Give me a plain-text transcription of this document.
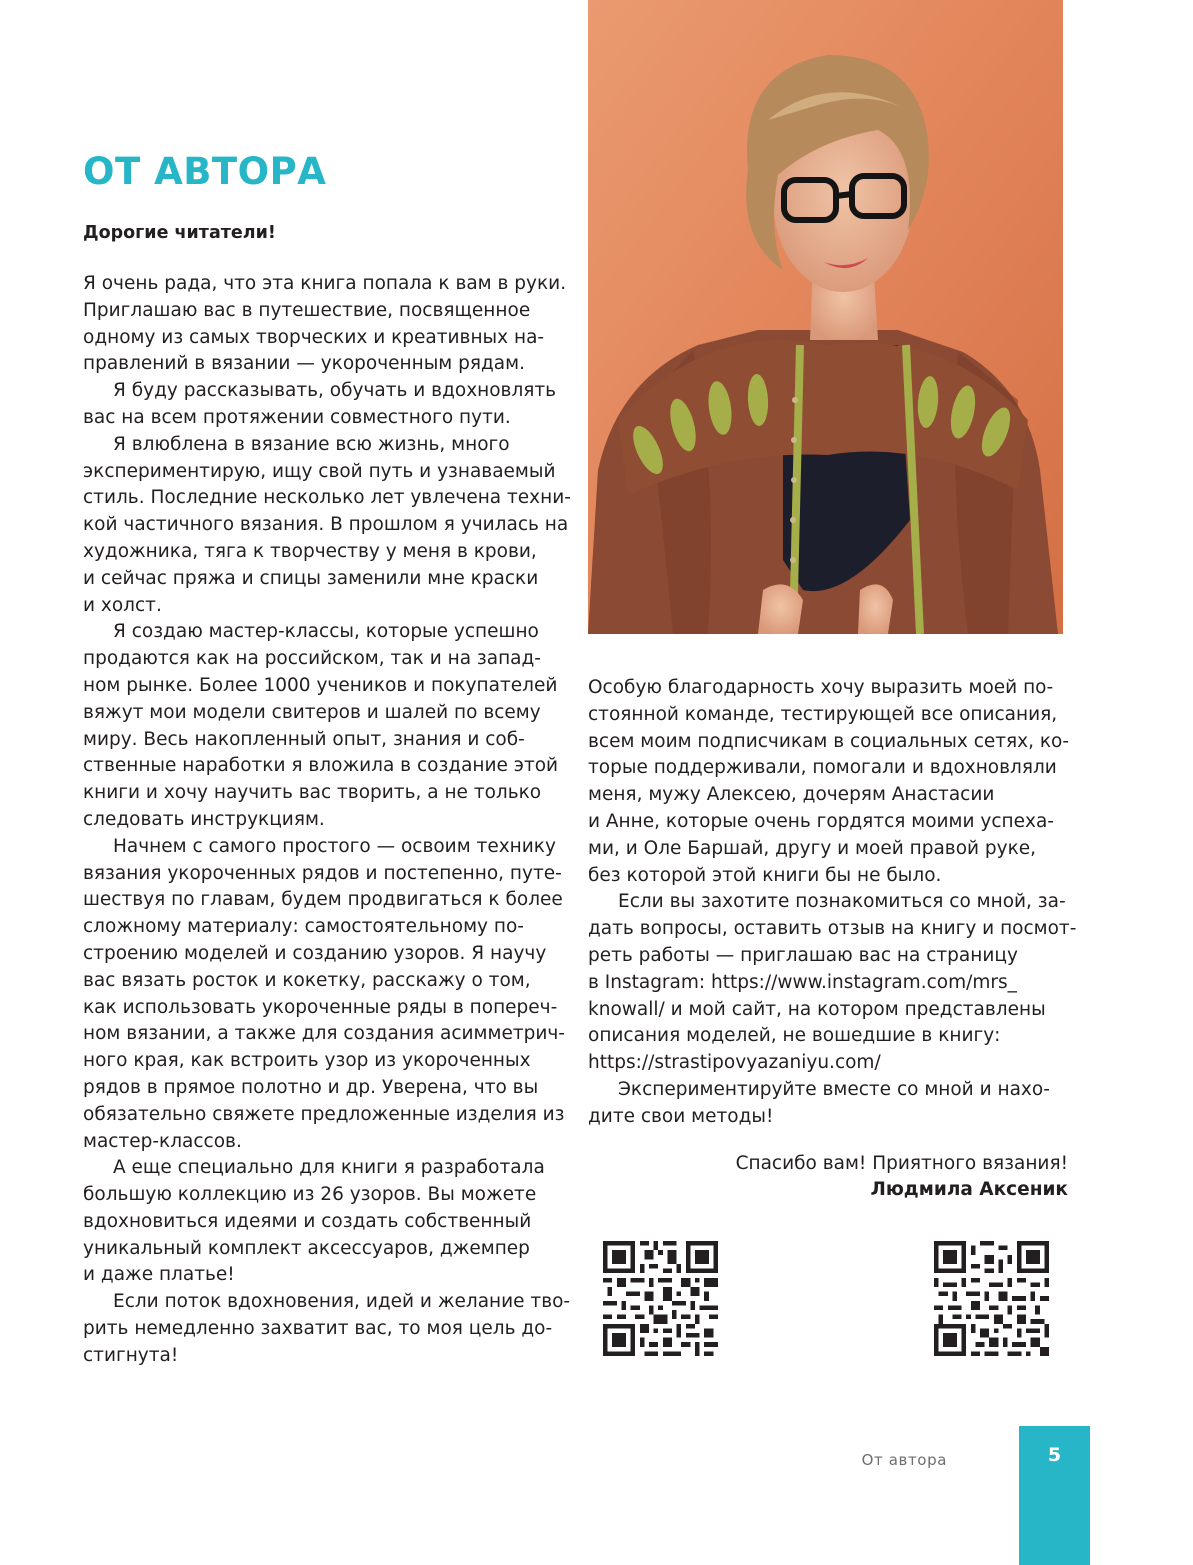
ОТ АВТОРА
Дорогие читатели!

Я очень рада, что эта книга попала к вам в руки.

Приглашаю вас в путешествие, посвященное

одному из самых творческих и креативных на-

правлений в вязании — укороченным рядам.

Я буду рассказывать, обучать и вдохновлять

вас на всем протяжении совместного пути.

Я влюблена в вязание всю жизнь, много

экспериментирую, ищу свой путь и узнаваемый

стиль. Последние несколько лет увлечена техни-

кой частичного вязания. В прошлом я училась на

художника, тяга к творчеству у меня в крови,

и сейчас пряжа и спицы заменили мне краски

и холст.

Я создаю мастер-классы, которые успешно

продаются как на российском, так и на запад-

ном рынке. Более 1000 учеников и покупателей

вяжут мои модели свитеров и шалей по всему

миру. Весь накопленный опыт, знания и соб-

ственные наработки я вложила в создание этой

книги и хочу научить вас творить, а не только

следовать инструкциям.

Начнем с самого простого — освоим технику

вязания укороченных рядов и постепенно, путе-

шествуя по главам, будем продвигаться к более

сложному материалу: самостоятельному по-

строению моделей и созданию узоров. Я научу

вас вязать росток и кокетку, расскажу о том,

как использовать укороченные ряды в попереч-

ном вязании, а также для создания асимметрич-

ного края, как встроить узор из укороченных

рядов в прямое полотно и др. Уверена, что вы

обязательно свяжете предложенные изделия из

мастер-классов.

А еще специально для книги я разработала

большую коллекцию из 26 узоров. Вы можете

вдохновиться идеями и создать собственный

уникальный комплект аксессуаров, джемпер

и даже платье!

Если поток вдохновения, идей и желание тво-

рить немедленно захватит вас, то моя цель до-

стигнута!

Особую благодарность хочу выразить моей по-

стоянной команде, тестирующей все описания,

всем моим подписчикам в социальных сетях, ко-

торые поддерживали, помогали и вдохновляли

меня, мужу Алексею, дочерям Анастасии

и Анне, которые очень гордятся моими успеха-

ми, и Оле Баршай, другу и моей правой руке,

без которой этой книги бы не было.

Если вы захотите познакомиться со мной, за-

дать вопросы, оставить отзыв на книгу и посмот-

реть работы — приглашаю вас на страницу

в Instagram: https://www.instagram.com/mrs_

knowall/ и мой сайт, на котором представлены

описания моделей, не вошедшие в книгу:

https://strastipovyazaniyu.com/

Экспериментируйте вместе со мной и нахо-

дите свои методы!

Спасибо вам! Приятного вязания!

Людмила Аксеник

От автора	5
